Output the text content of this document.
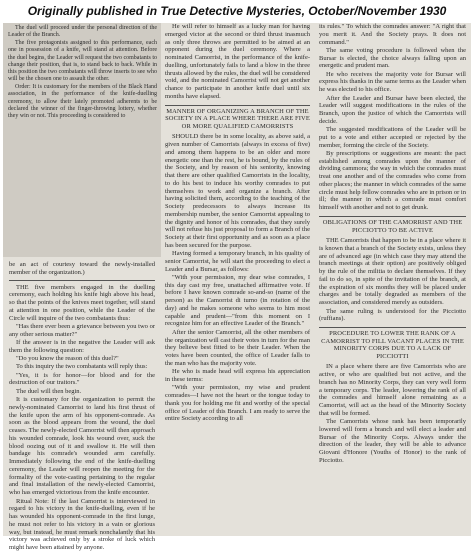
Originally published in True Detective Mysteries, October/November 1930

The duel will proceed under the personal direction of the Leader of the Branch.

The five protagonists assigned to this performance, each one in possession of a knife, will stand at attention. Before the duel begins, the Leader will request the two combatants to change their position, that is, to stand back to back. While in this position the two combatants will throw inserts to see who will be the chosen one to assault the other.

Order: It is customary for the members of the Black Hand association, in the performance of the knife-duelling ceremony, to allow their lately promoted adherents to be declared the winner of the finger-throwing lottery, whether they win or not. This proceeding is considered to

be an act of courtesy toward the newly-installed member of the organization.)

THE five members engaged in the duelling ceremony, each holding his knife high above his head, so that the points of the knives meet together, will stand at attention in one position, while the Leader of the Circle will inquire of the two combatants thus:

"Has there ever been a grievance between you two or any other serious matter?"

If the answer is in the negative the Leader will ask them the following question:

"Do you know the reason of this duel?"

To this inquiry the two combatants will reply thus:

"Yes, it is for honor—for blood and for the destruction of our traitors."

The duel will then begin.

It is customary for the organization to permit the newly-nominated Camorrist to land his first thrust of the knife upon the arm of his opponent-comrade. As soon as the blood appears from the wound, the duel ceases. The newly-elected Camorrist will then approach his wounded comrade, look his wound over, suck the blood oozing out of it and swallow it. He will then bandage his comrade's wounded arm carefully. Immediately following the end of the knife-duelling ceremony, the Leader will reopen the meeting for the formality of the vote-casting pertaining to the regular and final installation of the newly-elected Camorrist, who has emerged victorious from the knife encounter.

Ritual Note: If the last Camorrist is interviewed in regard to his victory in the knife-duelling, even if he has wounded his opponent-comrade in the first lunge, he must not refer to his victory in a vain or glorious way, but instead, he must remark nonchalantly that his victory was achieved only by a stroke of luck which might have been attained by anyone.

He will refer to himself as a lucky man for having emerged victor at the second or third thrust inasmuch as only three throws are permitted to be aimed at an opponent during the duel ceremony. Where a nominated Camorrist, in the performance of the knife-duelling, unfortunately fails to land a blow in the three thrusts allowed by the rules, the duel will be considered void, and the nominated Camorrist will not get another chance to participate in another knife duel until six months have elapsed.

MANNER OF ORGANIZING A BRANCH OF THE SOCIETY IN A PLACE WHERE THERE ARE FIVE OR MORE QUALIFIED CAMORRISTS

SHOULD there be in some locality, as above said, a given number of Camorrists (always in excess of five) and among them happens to be an older and more energetic one than the rest, he is bound, by the rules of the Society, and by reason of his seniority, knowing that there are other qualified Camorrists in the locality, to do his best to induce his worthy comrades to put themselves to work and organize a branch. After having solicited them, according to the teaching of the Society predecessors to always increase its membership number, the senior Camorrist appealing to the dignity and honor of his comrades, that they surely will not refuse his just proposal to form a Branch of the Society at their first opportunity and as soon as a place has been secured for the purpose.

Having formed a temporary branch, in his quality of senior Camorrist, he will start the proceeding to elect a Leader and a Bursar, as follows:

"With your permission, my dear wise comrades, I this day cast my free, unattached affirmative vote. If before I have known comrade so-and-so (name of the person) as the Camorrist di turno (in rotation of the day) and he makes someone who seems to him most capable and prudent—"from this moment on I recognize him for an effective Leader of the Branch."

After the senior Camorrist, all the other members of the organization will cast their votes in turn for the man they believe best fitted to be their Leader. When the votes have been counted, the office of Leader falls to the man who has the majority vote.

He who is made head will express his appreciation in these terms:

"With your permission, my wise and prudent comrades—I have not the heart or the tongue today to thank you for holding me fit and worthy of the special office of Leader of this Branch. I am ready to serve the entire Society according to all

its rules." To which the comrades answer: "A right that you merit it. And the Society prays. It does not command."

The same voting procedure is followed when the Bursar is elected, the choice always falling upon an energetic and prudent man.

He who receives the majority vote for Bursar will express his thanks in the same terms as the Leader when he was elected to his office.

After the Leader and Bursar have been elected, the Leader will suggest modifications in the rules of the Branch, upon the justice of which the Camorrists will decide.

The suggested modifications of the Leader will be put to a vote and either accepted or rejected by the member, forming the circle of the Society.

By prescriptions or suggestions are meant: the pact established among comrades upon the manner of dividing cammora; the way in which the comrades must treat one another and of the comrades who come from other places; the manner in which comrades of the same circle must help fellow comrades who are in prison or in ill; the manner in which a comrade must comfort himself with another and not to get drunk.

OBLIGATIONS OF THE CAMORRIST AND THE PICCIOTTO TO BE ACTIVE

THE Camorrists that happen to be in a place where it is known that a branch of the Society exists, unless they are of advanced age (in which case they may attend the branch meetings at their option) are positively obliged by the rule of the militia to declare themselves. If they fail to do so, in spite of the invitation of the branch, at the expiration of six months they will be placed under charges and be totally degraded as members of the association, and considered merely as outsiders.

The same ruling is understood for the Picciotto (ruffians).

PROCEDURE TO LOWER THE RANK OF A CAMORRIST TO FILL VACANT PLACES IN THE MINORITY CORPS DUE TO A LACK OF PICCIOTTI

IN a place where there are five Camorrists who are active, or who are qualified but not active, and the branch has no Minority Corps, they can very well form a temporary corps. The leader, lowering the rank of all the comrades and himself alone remaining as a Camorrist, will act as the head of the Minority Society that will be formed.

The Camorrists whose rank has been temporarily lowered will form a branch and will elect a leader and Bursar of the Minority Corps. Always under the direction of the leader, they will be able to advance Giovani d'Honore (Youths of Honor) to the rank of Picciotto.
